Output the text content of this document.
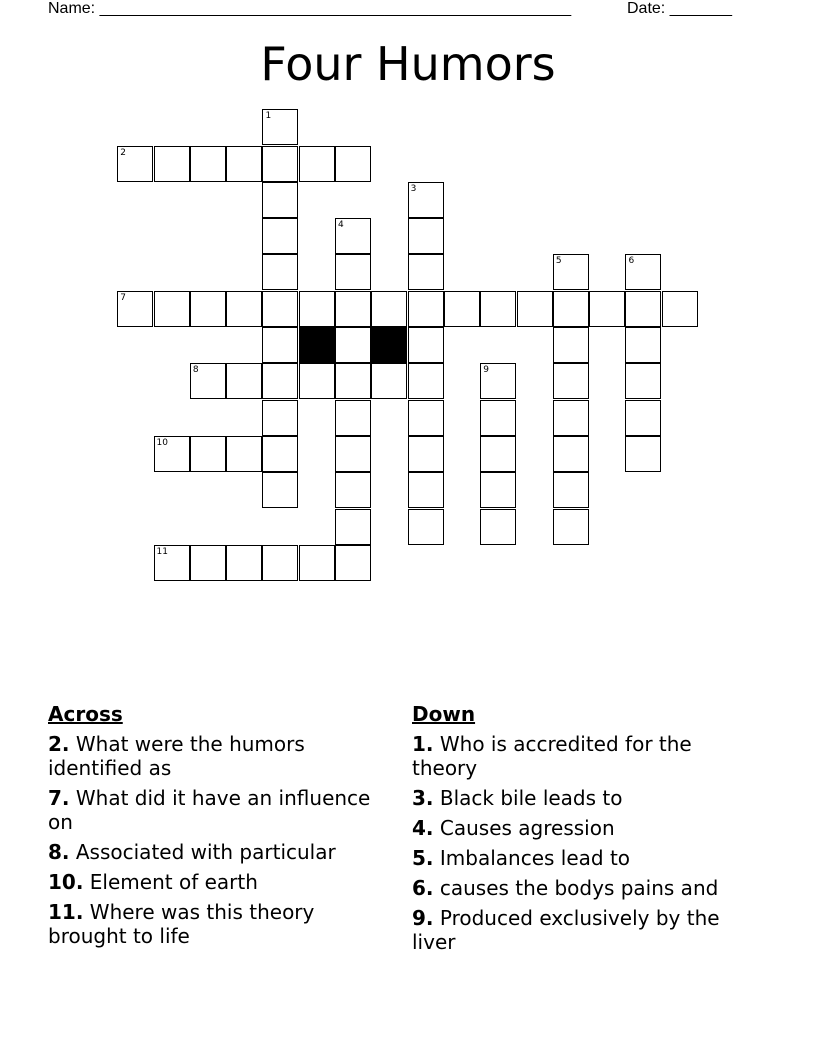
Name: _____________________________________________________	Date: _______
Four Humors
1
2
3
4
5	6
7
8	9
10
11
Across
2. What were the humors identified as
7. What did it have an influence on
8. Associated with particular
10. Element of earth
11. Where was this theory brought to life
Down
1. Who is accredited for the theory
3. Black bile leads to
4. Causes agression
5. Imbalances lead to
6. causes the bodys pains and
9. Produced exclusively by the liver
